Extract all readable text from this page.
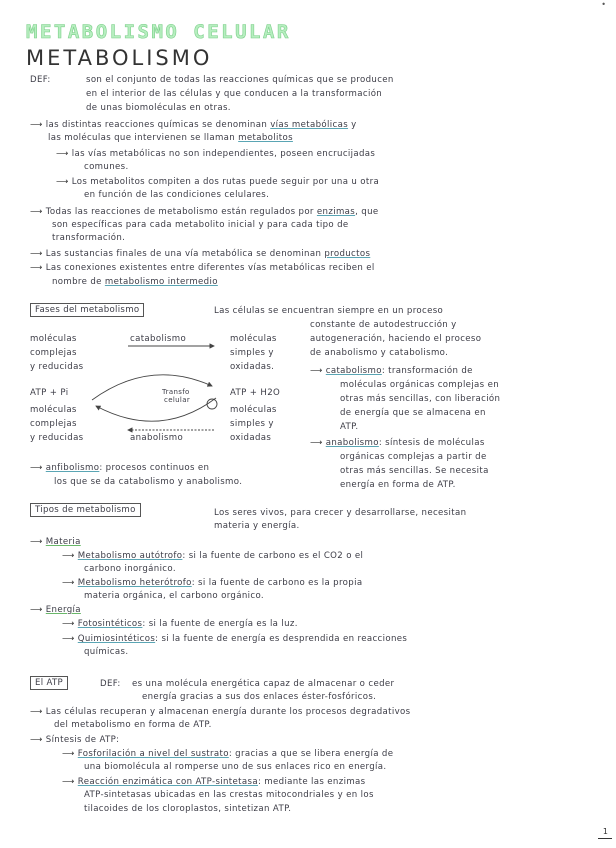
•
METABOLISMO CELULAR
METABOLISMO
DEF:	son el conjunto de todas las reacciones químicas que se producen
en el interior de las células y que conducen a la transformación
de unas biomoléculas en otras.
⟶ las distintas reacciones químicas se denominan vías metabólicas y
las moléculas que intervienen se llaman metabolitos
⟶ las vías metabólicas no son independientes, poseen encrucijadas
comunes.
⟶ Los metabolitos compiten a dos rutas puede seguir por una u otra
en función de las condiciones celulares.
⟶ Todas las reacciones de metabolismo están regulados por enzimas, que
son específicas para cada metabolito inicial y para cada tipo de
transformación.
⟶ Las sustancias finales de una vía metabólica se denominan productos
⟶ Las conexiones existentes entre diferentes vías metabólicas reciben el
nombre de metabolismo intermedio
Fases del metabolismo	Las células se encuentran siempre en un proceso
constante de autodestrucción y
autogeneración, haciendo el proceso
de anabolismo y catabolismo.
moléculas
complejas
y reducidas
catabolismo	moléculas
simples y
oxidadas.
ATP + Pi	Transfo
celular
ATP + H2O
moléculas
complejas
y reducidas	anabolismo
moléculas
simples y
oxidadas
⟶ catabolismo: transformación de
moléculas orgánicas complejas en
otras más sencillas, con liberación
de energía que se almacena en
ATP.
⟶ anabolismo: síntesis de moléculas
orgánicas complejas a partir de
otras más sencillas. Se necesita
energía en forma de ATP.
⟶ anfibolismo: procesos continuos en
los que se da catabolismo y anabolismo.
Tipos de metabolismo	Los seres vivos, para crecer y desarrollarse, necesitan
materia y energía.
⟶ Materia
⟶ Metabolismo autótrofo: si la fuente de carbono es el CO2 o el
carbono inorgánico.
⟶ Metabolismo heterótrofo: si la fuente de carbono es la propia
materia orgánica, el carbono orgánico.
⟶ Energía
⟶ Fotosintéticos: si la fuente de energía es la luz.
⟶ Quimiosintéticos: si la fuente de energía es desprendida en reacciones
químicas.
El ATP	DEF: es una molécula energética capaz de almacenar o ceder
energía gracias a sus dos enlaces éster-fosfóricos.
⟶ Las células recuperan y almacenan energía durante los procesos degradativos
del metabolismo en forma de ATP.
⟶ Síntesis de ATP:
⟶ Fosforilación a nivel del sustrato: gracias a que se libera energía de
una biomolécula al romperse uno de sus enlaces rico en energía.
⟶ Reacción enzimática con ATP-sintetasa: mediante las enzimas
ATP-sintetasas ubicadas en las crestas mitocondriales y en los
tilacoides de los cloroplastos, sintetizan ATP.
1
